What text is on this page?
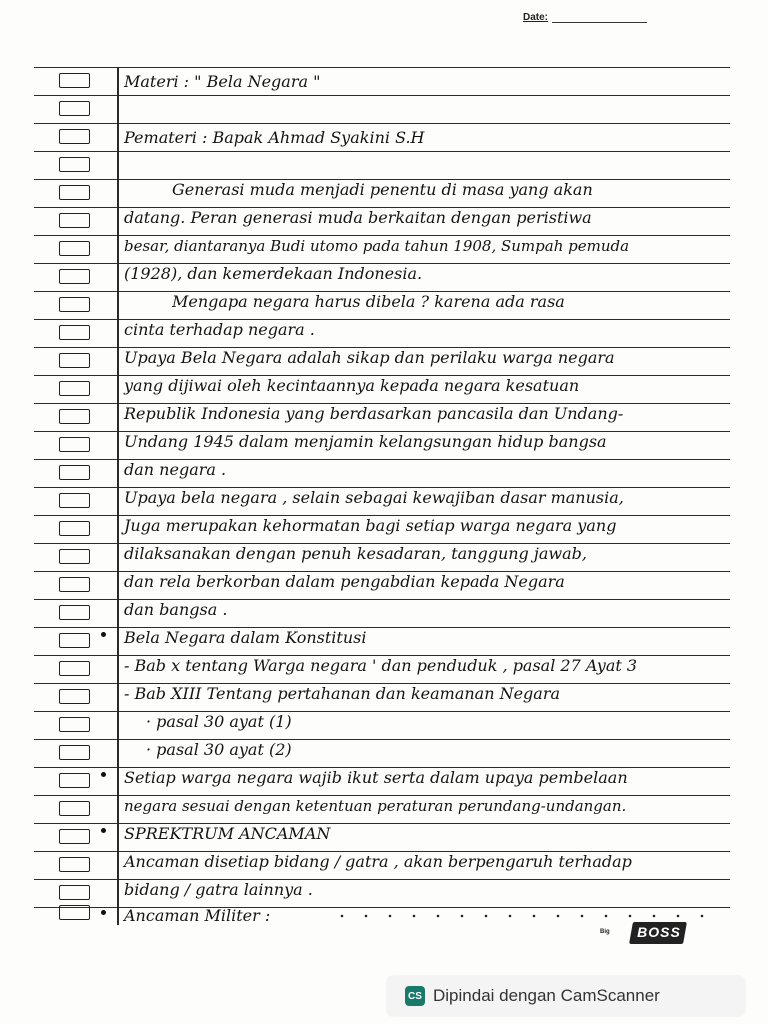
Date:
Materi : " Bela Negara "
Pemateri : Bapak Ahmad Syakini S.H
Generasi muda menjadi penentu di masa yang akan
datang. Peran generasi muda berkaitan dengan peristiwa
besar, diantaranya Budi utomo pada tahun 1908, Sumpah pemuda
(1928), dan kemerdekaan Indonesia.
Mengapa negara harus dibela ? karena ada rasa
cinta terhadap negara .
Upaya Bela Negara adalah sikap dan perilaku warga negara
yang dijiwai oleh kecintaannya kepada negara kesatuan
Republik Indonesia yang berdasarkan pancasila dan Undang-
Undang 1945 dalam menjamin kelangsungan hidup bangsa
dan negara .
Upaya bela negara , selain sebagai kewajiban dasar manusia,
Juga merupakan kehormatan bagi setiap warga negara yang
dilaksanakan dengan penuh kesadaran, tanggung jawab,
dan rela berkorban dalam pengabdian kepada Negara
dan bangsa .
Bela Negara dalam Konstitusi
- Bab x tentang Warga negara ' dan penduduk , pasal 27 Ayat 3
- Bab XIII Tentang pertahanan dan keamanan Negara
· pasal 30 ayat (1)
· pasal 30 ayat (2)
Setiap warga negara wajib ikut serta dalam upaya pembelaan
negara sesuai dengan ketentuan peraturan perundang-undangan.
SPREKTRUM ANCAMAN
Ancaman disetiap bidang / gatra , akan berpengaruh terhadap
bidang / gatra lainnya .
Ancaman Militer :
BOSS
Big
CS Dipindai dengan CamScanner
